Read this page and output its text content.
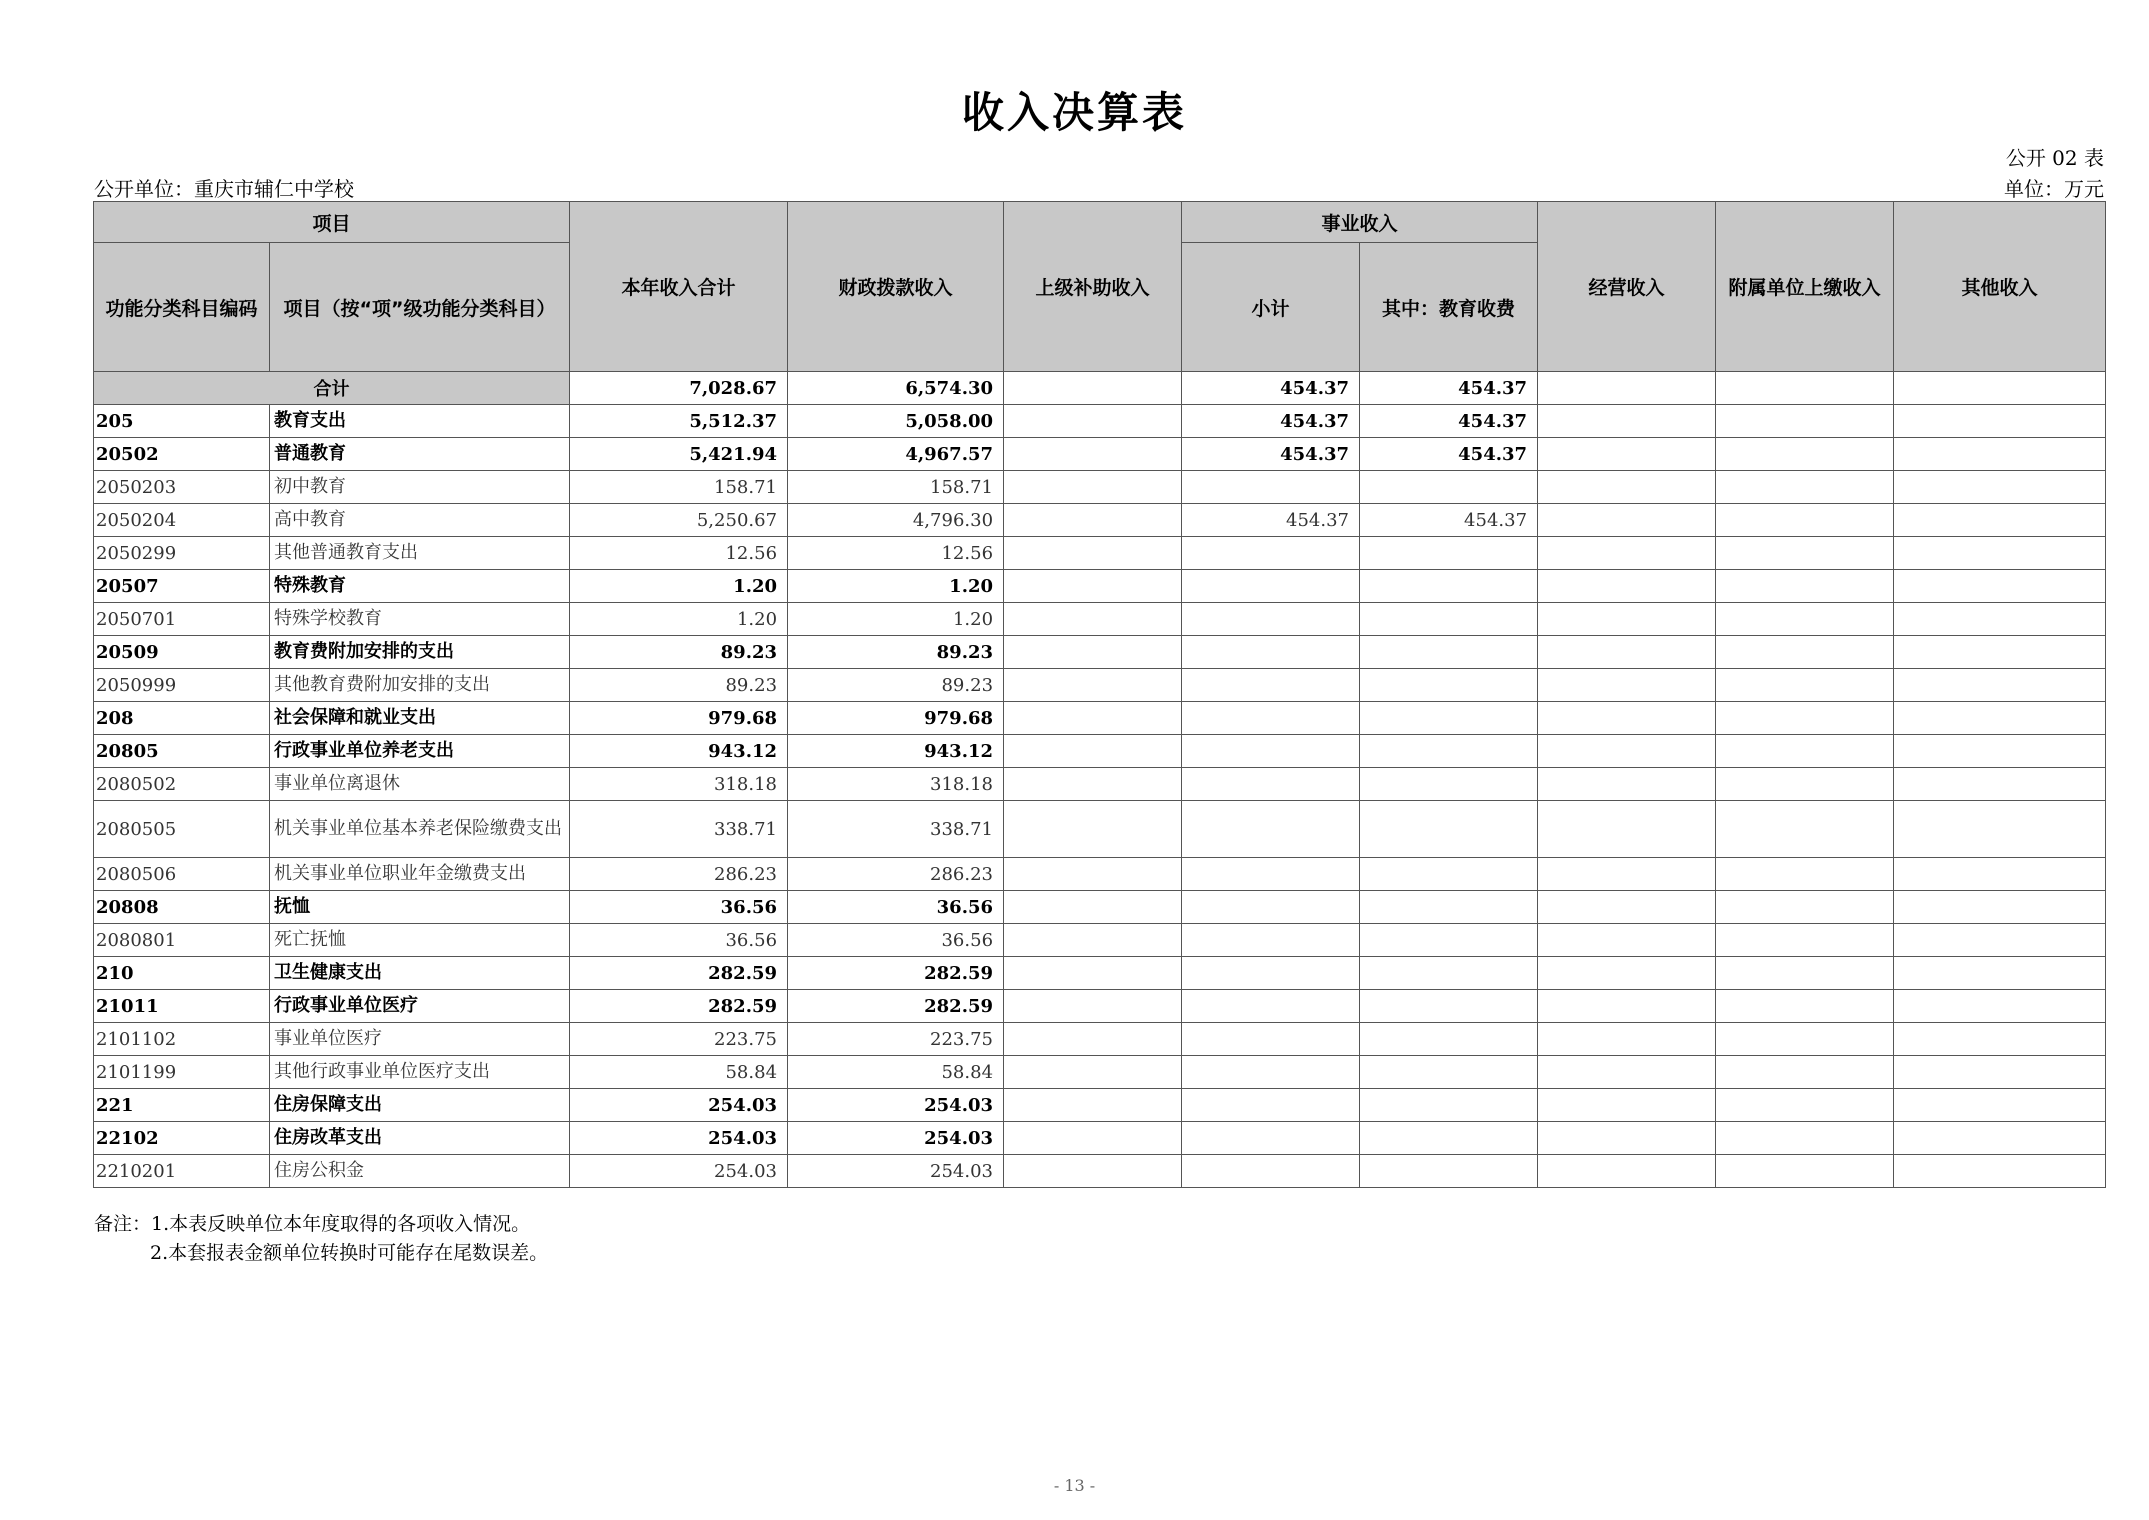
收入决算表
公开 02 表
公开单位：重庆市辅仁中学校	单位：万元
项目		本年收入合计	财政拨款收入	上级补助收入	事业收入		经营收入	附属单位上缴收入	其他收入
功能分类科目编码	项目（按“项”级功能分类科目）				小计	其中：教育收费			
合计		7,028.67	6,574.30		454.37	454.37			
205	教育支出	5,512.37	5,058.00		454.37	454.37			
20502	普通教育	5,421.94	4,967.57		454.37	454.37			
2050203	初中教育	158.71	158.71						
2050204	高中教育	5,250.67	4,796.30		454.37	454.37			
2050299	其他普通教育支出	12.56	12.56						
20507	特殊教育	1.20	1.20						
2050701	特殊学校教育	1.20	1.20						
20509	教育费附加安排的支出	89.23	89.23						
2050999	其他教育费附加安排的支出	89.23	89.23						
208	社会保障和就业支出	979.68	979.68						
20805	行政事业单位养老支出	943.12	943.12						
2080502	事业单位离退休	318.18	318.18						
2080505	机关事业单位基本养老保险缴费支出	338.71	338.71						
2080506	机关事业单位职业年金缴费支出	286.23	286.23						
20808	抚恤	36.56	36.56						
2080801	死亡抚恤	36.56	36.56						
210	卫生健康支出	282.59	282.59						
21011	行政事业单位医疗	282.59	282.59						
2101102	事业单位医疗	223.75	223.75						
2101199	其他行政事业单位医疗支出	58.84	58.84						
221	住房保障支出	254.03	254.03						
22102	住房改革支出	254.03	254.03						
2210201	住房公积金	254.03	254.03						
备注：1.本表反映单位本年度取得的各项收入情况。
2.本套报表金额单位转换时可能存在尾数误差。
- 13 -
